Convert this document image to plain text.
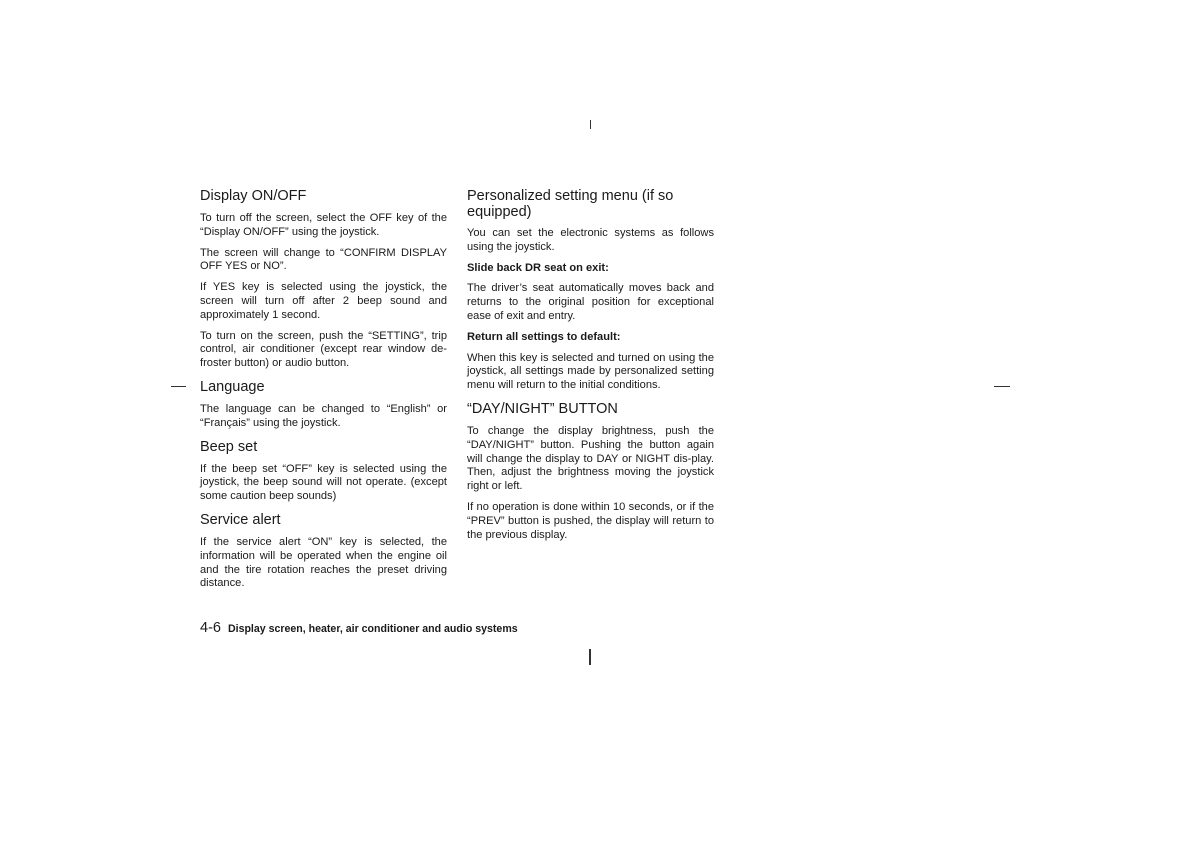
Display ON/OFF

To turn off the screen, select the OFF key of the “Display ON/OFF” using the joystick.

The screen will change to “CONFIRM DISPLAY OFF YES or NO”.

If YES key is selected using the joystick, the screen will turn off after 2 beep sound and approximately 1 second.

To turn on the screen, push the “SETTING”, trip control, air conditioner (except rear window de-froster button) or audio button.

Language

The language can be changed to “English” or “Français” using the joystick.

Beep set

If the beep set “OFF” key is selected using the joystick, the beep sound will not operate. (except some caution beep sounds)

Service alert

If the service alert “ON” key is selected, the information will be operated when the engine oil and the tire rotation reaches the preset driving distance.

Personalized setting menu (if so equipped)

You can set the electronic systems as follows using the joystick.

Slide back DR seat on exit:

The driver’s seat automatically moves back and returns to the original position for exceptional ease of exit and entry.

Return all settings to default:

When this key is selected and turned on using the joystick, all settings made by personalized setting menu will return to the initial conditions.

“DAY/NIGHT” BUTTON

To change the display brightness, push the “DAY/NIGHT” button. Pushing the button again will change the display to DAY or NIGHT dis-play. Then, adjust the brightness moving the joystick right or left.

If no operation is done within 10 seconds, or if the “PREV” button is pushed, the display will return to the previous display.

4-6 Display screen, heater, air conditioner and audio systems
